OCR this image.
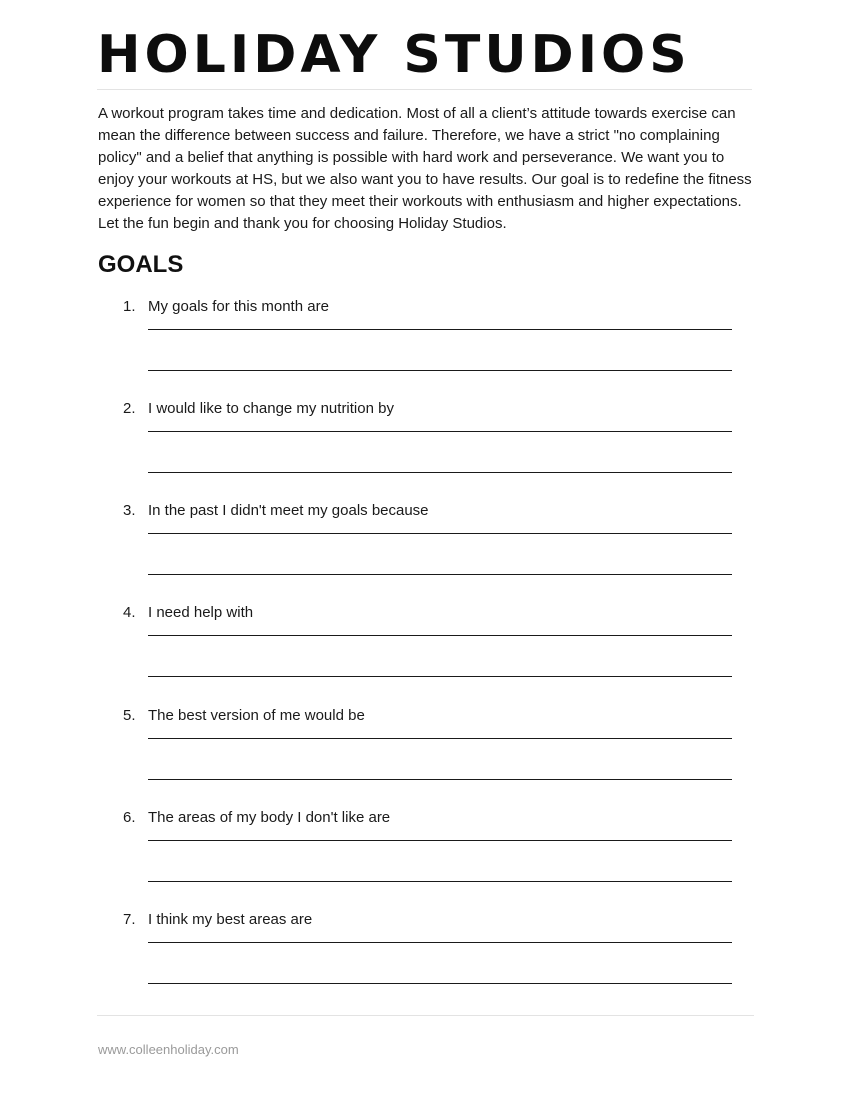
HOLIDAY STUDIOS

A workout program takes time and dedication. Most of all a client’s attitude towards exercise can mean the difference between success and failure. Therefore, we have a strict "no complaining policy" and a belief that anything is possible with hard work and perseverance. We want you to enjoy your workouts at HS, but we also want you to have results. Our goal is to redefine the fitness experience for women so that they meet their workouts with enthusiasm and higher expectations. Let the fun begin and thank you for choosing Holiday Studios.

GOALS
1. My goals for this month are
2. I would like to change my nutrition by
3. In the past I didn't meet my goals because
4. I need help with
5. The best version of me would be
6. The areas of my body I don't like are
7. I think my best areas are
www.colleenholiday.com
